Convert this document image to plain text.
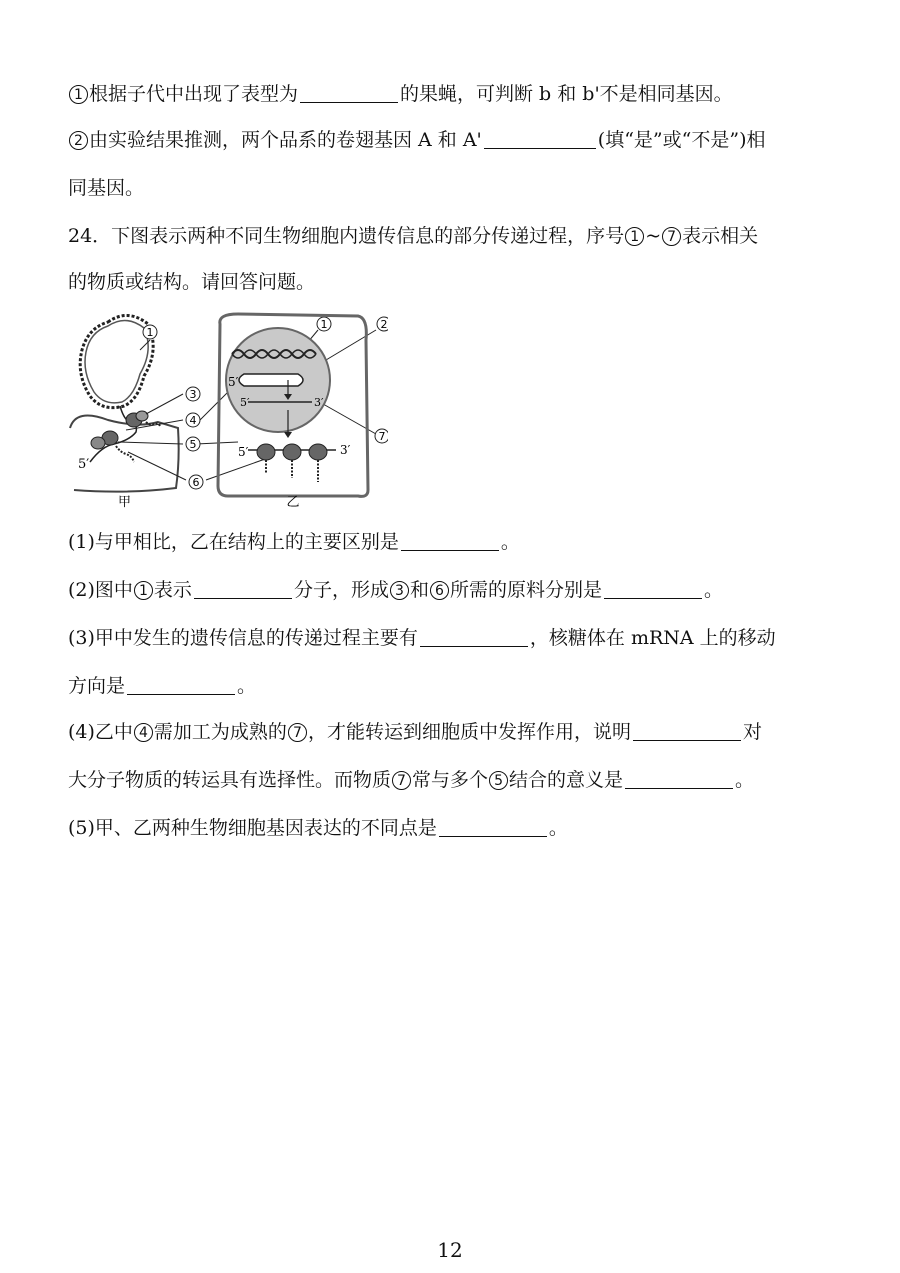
1 根据子代中出现了表型为	的果蝇，可判断 b 和 b'不是相同基因。
2 由实验结果推测，两个品系的卷翅基因 A 和 A'	(填“是”或“不是”)相
同基因。
24．下图表示两种不同生物细胞内遗传信息的部分传递过程，序号 1 ~ 7 表示相关
的物质或结构。请回答问题。
5′
甲
1
3
4
5
6
1	2
7
5′
5′	3′
5′	3′
乙
(1)与甲相比，乙在结构上的主要区别是	。
(2)图中 1 表示	分子，形成 3 和 6 所需的原料分别是	。
(3)甲中发生的遗传信息的传递过程主要有	，核糖体在 mRNA 上的移动
方向是	。
(4)乙中 4 需加工为成熟的 7 ，才能转运到细胞质中发挥作用，说明	对
大分子物质的转运具有选择性。而物质 7 常与多个 5 结合的意义是	。
(5)甲、乙两种生物细胞基因表达的不同点是	。
12
